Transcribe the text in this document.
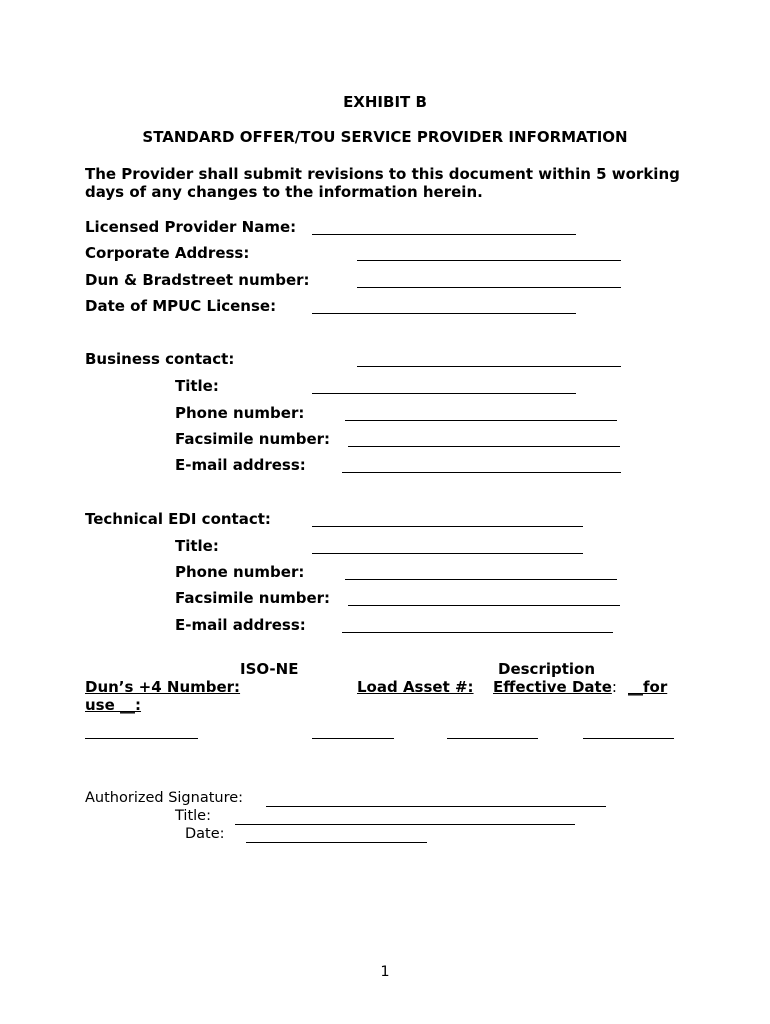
EXHIBIT B
STANDARD OFFER/TOU SERVICE PROVIDER INFORMATION
The Provider shall submit revisions to this document within 5 working days of any changes to the information herein.
Licensed Provider Name:
Corporate Address:
Dun & Bradstreet number:
Date of MPUC License:
Business contact:
Title:
Phone number:
Facsimile number:
E-mail address:
Technical EDI contact:
Title:
Phone number:
Facsimile number:
E-mail address:
ISO-NE	Description
Dun’s +4 Number:	Load Asset #: Effective Date: __for
use __:
Authorized Signature:
Title:
Date:
1
